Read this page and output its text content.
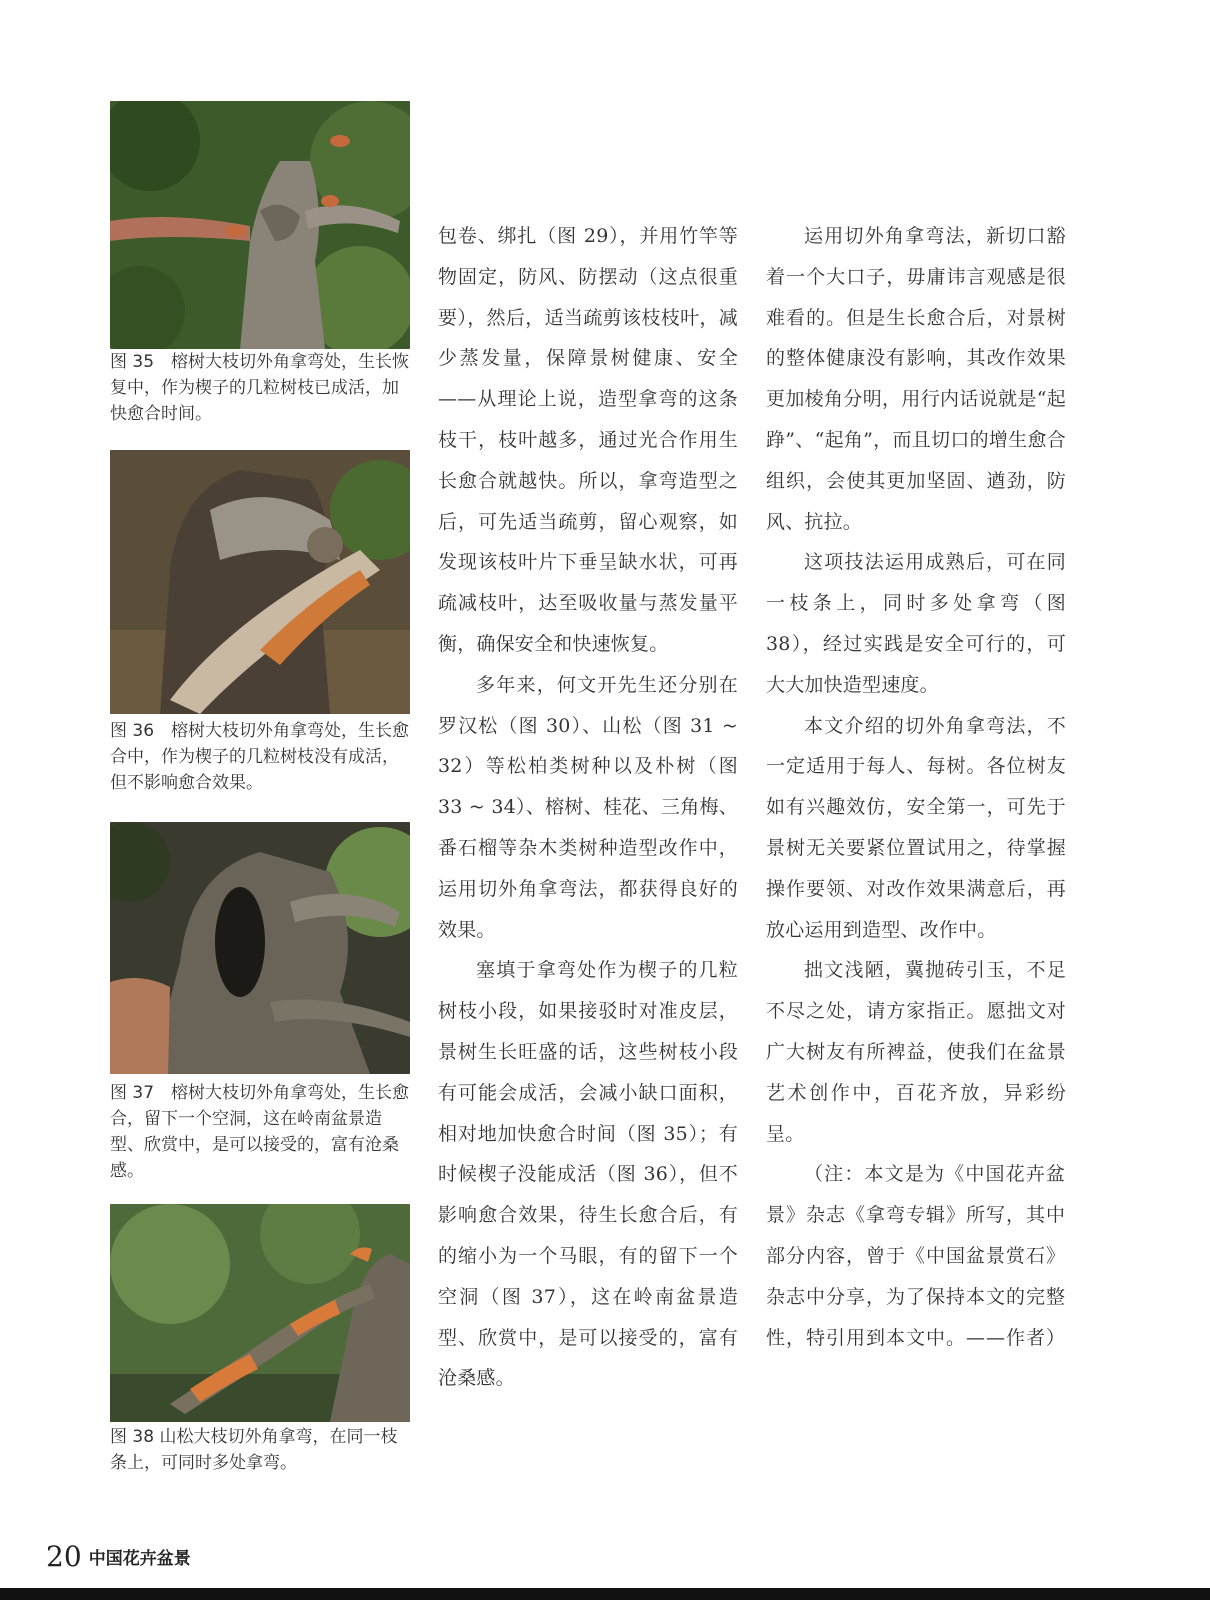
图 35　榕树大枝切外角拿弯处，生长恢复中，作为楔子的几粒树枝已成活，加快愈合时间。
图 36　榕树大枝切外角拿弯处，生长愈合中，作为楔子的几粒树枝没有成活，但不影响愈合效果。
图 37　榕树大枝切外角拿弯处，生长愈合，留下一个空洞，这在岭南盆景造型、欣赏中，是可以接受的，富有沧桑感。
图 38 山松大枝切外角拿弯，在同一枝条上，可同时多处拿弯。

包卷、绑扎（图 29），并用竹竿等物固定，防风、防摆动（这点很重要），然后，适当疏剪该枝枝叶，减少蒸发量，保障景树健康、安全——从理论上说，造型拿弯的这条枝干，枝叶越多，通过光合作用生长愈合就越快。所以，拿弯造型之后，可先适当疏剪，留心观察，如发现该枝叶片下垂呈缺水状，可再疏减枝叶，达至吸收量与蒸发量平衡，确保安全和快速恢复。

多年来，何文开先生还分别在罗汉松（图 30）、山松（图 31 ~ 32）等松柏类树种以及朴树（图 33 ~ 34）、榕树、桂花、三角梅、番石榴等杂木类树种造型改作中，运用切外角拿弯法，都获得良好的效果。

塞填于拿弯处作为楔子的几粒树枝小段，如果接驳时对准皮层，景树生长旺盛的话，这些树枝小段有可能会成活，会减小缺口面积，相对地加快愈合时间（图 35）；有时候楔子没能成活（图 36），但不影响愈合效果，待生长愈合后，有的缩小为一个马眼，有的留下一个空洞（图 37），这在岭南盆景造型、欣赏中，是可以接受的，富有沧桑感。

运用切外角拿弯法，新切口豁着一个大口子，毋庸讳言观感是很难看的。但是生长愈合后，对景树的整体健康没有影响，其改作效果更加棱角分明，用行内话说就是“起踭”、“起角”，而且切口的增生愈合组织，会使其更加坚固、遒劲，防风、抗拉。

这项技法运用成熟后，可在同一枝条上，同时多处拿弯（图 38），经过实践是安全可行的，可大大加快造型速度。

本文介绍的切外角拿弯法，不一定适用于每人、每树。各位树友如有兴趣效仿，安全第一，可先于景树无关要紧位置试用之，待掌握操作要领、对改作效果满意后，再放心运用到造型、改作中。

拙文浅陋，冀抛砖引玉，不足不尽之处，请方家指正。愿拙文对广大树友有所裨益，使我们在盆景艺术创作中，百花齐放，异彩纷呈。

（注：本文是为《中国花卉盆景》杂志《拿弯专辑》所写，其中部分内容，曾于《中国盆景赏石》杂志中分享，为了保持本文的完整性，特引用到本文中。——作者）

20 中国花卉盆景
